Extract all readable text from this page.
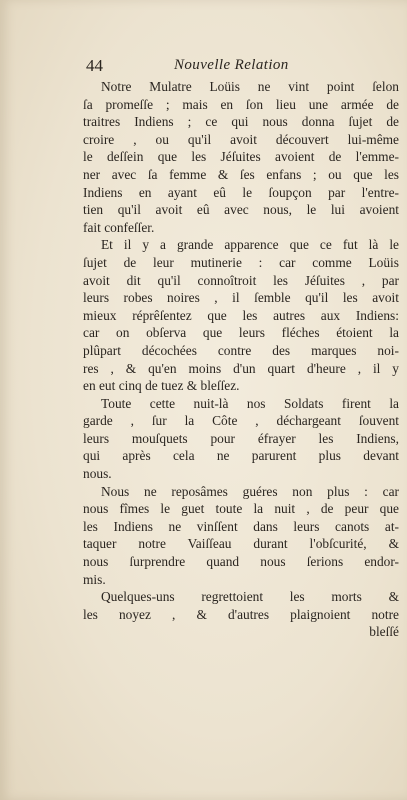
44	Nouvelle Relation

Notre Mulatre Loüis ne vint point ſelon
ſa promeſſe ; mais en ſon lieu une armée de
traitres Indiens ; ce qui nous donna ſujet de
croire , ou qu'il avoit découvert lui-même
le deſſein que les Jéſuites avoient de l'emme-
ner avec ſa femme & ſes enfans ; ou que les
Indiens en ayant eû le ſoupçon par l'entre-
tien qu'il avoit eû avec nous, le lui avoient
fait confeſſer.

Et il y a grande apparence que ce fut là le
ſujet de leur mutinerie : car comme Loüis
avoit dit qu'il connoîtroit les Jéſuites , par
leurs robes noires , il ſemble qu'il les avoit
mieux réprêſentez que les autres aux Indiens:
car on obſerva que leurs fléches étoient la
plûpart décochées contre des marques noi-
res , & qu'en moins d'un quart d'heure , il y
en eut cinq de tuez & bleſſez.

Toute cette nuit-là nos Soldats firent la
garde , ſur la Côte , déchargeant ſouvent
leurs mouſquets pour éfrayer les Indiens,
qui après cela ne parurent plus devant
nous.

Nous ne reposâmes guéres non plus : car
nous fîmes le guet toute la nuit , de peur que
les Indiens ne vinſſent dans leurs canots at-
taquer notre Vaiſſeau durant l'obſcurité, &
nous ſurprendre quand nous ſerions endor-
mis.

Quelques-uns regrettoient les morts &
les noyez , & d'autres plaignoient notre

bleſſé
